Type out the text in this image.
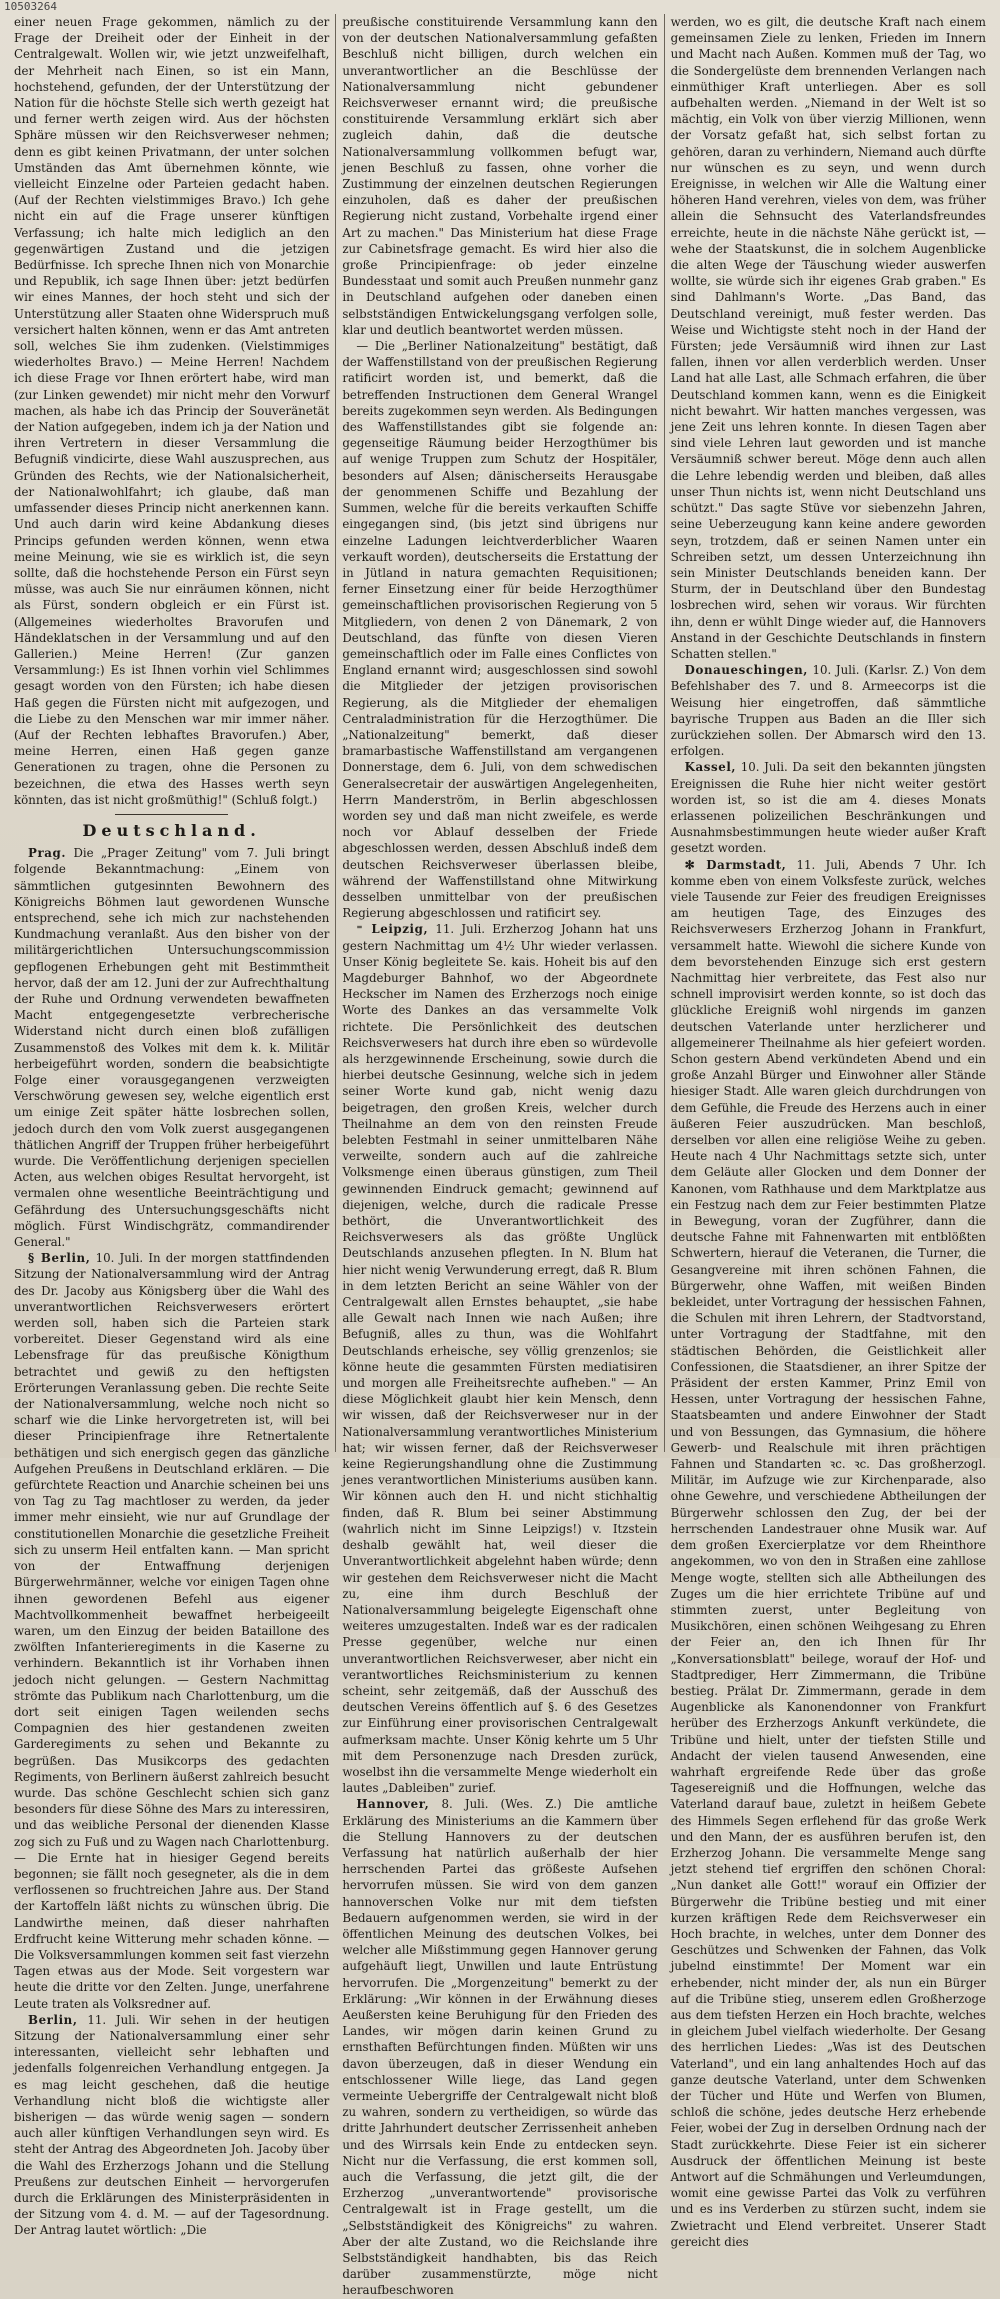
10503264

einer neuen Frage gekommen, nämlich zu der Frage der Dreiheit oder der Einheit in der Centralgewalt. Wollen wir, wie jetzt unzweifelhaft, der Mehrheit nach Einen, so ist ein Mann, hochstehend, gefunden, der der Unterstützung der Nation für die höchste Stelle sich werth gezeigt hat und ferner werth zeigen wird. Aus der höchsten Sphäre müssen wir den Reichsverweser nehmen; denn es gibt keinen Privatmann, der unter solchen Umständen das Amt übernehmen könnte, wie vielleicht Einzelne oder Parteien gedacht haben. (Auf der Rechten vielstimmiges Bravo.) Ich gehe nicht ein auf die Frage unserer künftigen Verfassung; ich halte mich lediglich an den gegenwärtigen Zustand und die jetzigen Bedürfnisse. Ich spreche Ihnen nich von Monarchie und Republik, ich sage Ihnen über: jetzt bedürfen wir eines Mannes, der hoch steht und sich der Unterstützung aller Staaten ohne Widerspruch muß versichert halten können, wenn er das Amt antreten soll, welches Sie ihm zudenken. (Vielstimmiges wiederholtes Bravo.) — Meine Herren! Nachdem ich diese Frage vor Ihnen erörtert habe, wird man (zur Linken gewendet) mir nicht mehr den Vorwurf machen, als habe ich das Princip der Souveränetät der Nation aufgegeben, indem ich ja der Nation und ihren Vertretern in dieser Versammlung die Befugniß vindicirte, diese Wahl auszusprechen, aus Gründen des Rechts, wie der Nationalsicherheit, der Nationalwohlfahrt; ich glaube, daß man umfassender dieses Princip nicht anerkennen kann. Und auch darin wird keine Abdankung dieses Princips gefunden werden können, wenn etwa meine Meinung, wie sie es wirklich ist, die seyn sollte, daß die hochstehende Person ein Fürst seyn müsse, was auch Sie nur einräumen können, nicht als Fürst, sondern obgleich er ein Fürst ist. (Allgemeines wiederholtes Bravorufen und Händeklatschen in der Versammlung und auf den Gallerien.) Meine Herren! (Zur ganzen Versammlung:) Es ist Ihnen vorhin viel Schlimmes gesagt worden von den Fürsten; ich habe diesen Haß gegen die Fürsten nicht mit aufgezogen, und die Liebe zu den Menschen war mir immer näher. (Auf der Rechten lebhaftes Bravorufen.) Aber, meine Herren, einen Haß gegen ganze Generationen zu tragen, ohne die Personen zu bezeichnen, die etwa des Hasses werth seyn könnten, das ist nicht großmüthig!" (Schluß folgt.)

Deutschland.

Prag. Die „Prager Zeitung" vom 7. Juli bringt folgende Bekanntmachung: „Einem von sämmtlichen gutgesinnten Bewohnern des Königreichs Böhmen laut gewordenen Wunsche entsprechend, sehe ich mich zur nachstehenden Kundmachung veranlaßt. Aus den bisher von der militärgerichtlichen Untersuchungscommission gepflogenen Erhebungen geht mit Bestimmtheit hervor, daß der am 12. Juni der zur Aufrechthaltung der Ruhe und Ordnung verwendeten bewaffneten Macht entgegengesetzte verbrecherische Widerstand nicht durch einen bloß zufälligen Zusammenstoß des Volkes mit dem k. k. Militär herbeigeführt worden, sondern die beabsichtigte Folge einer vorausgegangenen verzweigten Verschwörung gewesen sey, welche eigentlich erst um einige Zeit später hätte losbrechen sollen, jedoch durch den vom Volk zuerst ausgegangenen thätlichen Angriff der Truppen früher herbeigeführt wurde. Die Veröffentlichung derjenigen speciellen Acten, aus welchen obiges Resultat hervorgeht, ist vermalen ohne wesentliche Beeinträchtigung und Gefährdung des Untersuchungsgeschäfts nicht möglich. Fürst Windischgrätz, commandirender General."

§ Berlin, 10. Juli. In der morgen stattfindenden Sitzung der Nationalversammlung wird der Antrag des Dr. Jacoby aus Königsberg über die Wahl des unverantwortlichen Reichsverwesers erörtert werden soll, haben sich die Parteien stark vorbereitet. Dieser Gegenstand wird als eine Lebensfrage für das preußische Königthum betrachtet und gewiß zu den heftigsten Erörterungen Veranlassung geben. Die rechte Seite der Nationalversammlung, welche noch nicht so scharf wie die Linke hervorgetreten ist, will bei dieser Principienfrage ihre Retnertalente bethätigen und sich energisch gegen das gänzliche Aufgehen Preußens in Deutschland erklären. — Die gefürchtete Reaction und Anarchie scheinen bei uns von Tag zu Tag machtloser zu werden, da jeder immer mehr einsieht, wie nur auf Grundlage der constitutionellen Monarchie die gesetzliche Freiheit sich zu unserm Heil entfalten kann. — Man spricht von der Entwaffnung derjenigen Bürgerwehrmänner, welche vor einigen Tagen ohne ihnen gewordenen Befehl aus eigener Machtvollkommenheit bewaffnet herbeigeeilt waren, um den Einzug der beiden Bataillone des zwölften Infanterieregiments in die Kaserne zu verhindern. Bekanntlich ist ihr Vorhaben ihnen jedoch nicht gelungen. — Gestern Nachmittag strömte das Publikum nach Charlottenburg, um die dort seit einigen Tagen weilenden sechs Compagnien des hier gestandenen zweiten Garderegiments zu sehen und Bekannte zu begrüßen. Das Musikcorps des gedachten Regiments, von Berlinern äußerst zahlreich besucht wurde. Das schöne Geschlecht schien sich ganz besonders für diese Söhne des Mars zu interessiren, und das weibliche Personal der dienenden Klasse zog sich zu Fuß und zu Wagen nach Charlottenburg. — Die Ernte hat in hiesiger Gegend bereits begonnen; sie fällt noch gesegneter, als die in dem verflossenen so fruchtreichen Jahre aus. Der Stand der Kartoffeln läßt nichts zu wünschen übrig. Die Landwirthe meinen, daß dieser nahrhaften Erdfrucht keine Witterung mehr schaden könne. — Die Volksversammlungen kommen seit fast vierzehn Tagen etwas aus der Mode. Seit vorgestern war heute die dritte vor den Zelten. Junge, unerfahrene Leute traten als Volksredner auf.

Berlin, 11. Juli. Wir sehen in der heutigen Sitzung der Nationalversammlung einer sehr interessanten, vielleicht sehr lebhaften und jedenfalls folgenreichen Verhandlung entgegen. Ja es mag leicht geschehen, daß die heutige Verhandlung nicht bloß die wichtigste aller bisherigen — das würde wenig sagen — sondern auch aller künftigen Verhandlungen seyn wird. Es steht der Antrag des Abgeordneten Joh. Jacoby über die Wahl des Erzherzogs Johann und die Stellung Preußens zur deutschen Einheit — hervorgerufen durch die Erklärungen des Ministerpräsidenten in der Sitzung vom 4. d. M. — auf der Tagesordnung. Der Antrag lautet wörtlich: „Die

preußische constituirende Versammlung kann den von der deutschen Nationalversammlung gefaßten Beschluß nicht billigen, durch welchen ein unverantwortlicher an die Beschlüsse der Nationalversammlung nicht gebundener Reichsverweser ernannt wird; die preußische constituirende Versammlung erklärt sich aber zugleich dahin, daß die deutsche Nationalversammlung vollkommen befugt war, jenen Beschluß zu fassen, ohne vorher die Zustimmung der einzelnen deutschen Regierungen einzuholen, daß es daher der preußischen Regierung nicht zustand, Vorbehalte irgend einer Art zu machen." Das Ministerium hat diese Frage zur Cabinetsfrage gemacht. Es wird hier also die große Principienfrage: ob jeder einzelne Bundesstaat und somit auch Preußen nunmehr ganz in Deutschland aufgehen oder daneben einen selbstständigen Entwickelungsgang verfolgen solle, klar und deutlich beantwortet werden müssen.

— Die „Berliner Nationalzeitung" bestätigt, daß der Waffenstillstand von der preußischen Regierung ratificirt worden ist, und bemerkt, daß die betreffenden Instructionen dem General Wrangel bereits zugekommen seyn werden. Als Bedingungen des Waffenstillstandes gibt sie folgende an: gegenseitige Räumung beider Herzogthümer bis auf wenige Truppen zum Schutz der Hospitäler, besonders auf Alsen; dänischerseits Herausgabe der genommenen Schiffe und Bezahlung der Summen, welche für die bereits verkauften Schiffe eingegangen sind, (bis jetzt sind übrigens nur einzelne Ladungen leichtverderblicher Waaren verkauft worden), deutscherseits die Erstattung der in Jütland in natura gemachten Requisitionen; ferner Einsetzung einer für beide Herzogthümer gemeinschaftlichen provisorischen Regierung von 5 Mitgliedern, von denen 2 von Dänemark, 2 von Deutschland, das fünfte von diesen Vieren gemeinschaftlich oder im Falle eines Conflictes von England ernannt wird; ausgeschlossen sind sowohl die Mitglieder der jetzigen provisorischen Regierung, als die Mitglieder der ehemaligen Centraladministration für die Herzogthümer. Die „Nationalzeitung" bemerkt, daß dieser bramarbastische Waffenstillstand am vergangenen Donnerstage, dem 6. Juli, von dem schwedischen Generalsecretair der auswärtigen Angelegenheiten, Herrn Manderström, in Berlin abgeschlossen worden sey und daß man nicht zweifele, es werde noch vor Ablauf desselben der Friede abgeschlossen werden, dessen Abschluß indeß dem deutschen Reichsverweser überlassen bleibe, während der Waffenstillstand ohne Mitwirkung desselben unmittelbar von der preußischen Regierung abgeschlossen und ratificirt sey.

⁼ Leipzig, 11. Juli. Erzherzog Johann hat uns gestern Nachmittag um 4½ Uhr wieder verlassen. Unser König begleitete Se. kais. Hoheit bis auf den Magdeburger Bahnhof, wo der Abgeordnete Heckscher im Namen des Erzherzogs noch einige Worte des Dankes an das versammelte Volk richtete. Die Persönlichkeit des deutschen Reichsverwesers hat durch ihre eben so würdevolle als herzgewinnende Erscheinung, sowie durch die hierbei deutsche Gesinnung, welche sich in jedem seiner Worte kund gab, nicht wenig dazu beigetragen, den großen Kreis, welcher durch Theilnahme an dem von den reinsten Freude belebten Festmahl in seiner unmittelbaren Nähe verweilte, sondern auch auf die zahlreiche Volksmenge einen überaus günstigen, zum Theil gewinnenden Eindruck gemacht; gewinnend auf diejenigen, welche, durch die radicale Presse bethört, die Unverantwortlichkeit des Reichsverwesers als das größte Unglück Deutschlands anzusehen pflegten. In N. Blum hat hier nicht wenig Verwunderung erregt, daß R. Blum in dem letzten Bericht an seine Wähler von der Centralgewalt allen Ernstes behauptet, „sie habe alle Gewalt nach Innen wie nach Außen; ihre Befugniß, alles zu thun, was die Wohlfahrt Deutschlands erheische, sey völlig grenzenlos; sie könne heute die gesammten Fürsten mediatisiren und morgen alle Freiheitsrechte aufheben." — An diese Möglichkeit glaubt hier kein Mensch, denn wir wissen, daß der Reichsverweser nur in der Nationalversammlung verantwortliches Ministerium hat; wir wissen ferner, daß der Reichsverweser keine Regierungshandlung ohne die Zustimmung jenes verantwortlichen Ministeriums ausüben kann. Wir können auch den H. und nicht stichhaltig finden, daß R. Blum bei seiner Abstimmung (wahrlich nicht im Sinne Leipzigs!) v. Itzstein deshalb gewählt hat, weil dieser die Unverantwortlichkeit abgelehnt haben würde; denn wir gestehen dem Reichsverweser nicht die Macht zu, eine ihm durch Beschluß der Nationalversammlung beigelegte Eigenschaft ohne weiteres umzugestalten. Indeß war es der radicalen Presse gegenüber, welche nur einen unverantwortlichen Reichsverweser, aber nicht ein verantwortliches Reichsministerium zu kennen scheint, sehr zeitgemäß, daß der Ausschuß des deutschen Vereins öffentlich auf §. 6 des Gesetzes zur Einführung einer provisorischen Centralgewalt aufmerksam machte. Unser König kehrte um 5 Uhr mit dem Personenzuge nach Dresden zurück, woselbst ihn die versammelte Menge wiederholt ein lautes „Dableiben" zurief.

Hannover, 8. Juli. (Wes. Z.) Die amtliche Erklärung des Ministeriums an die Kammern über die Stellung Hannovers zu der deutschen Verfassung hat natürlich außerhalb der hier herrschenden Partei das größeste Aufsehen hervorrufen müssen. Sie wird von dem ganzen hannoverschen Volke nur mit dem tiefsten Bedauern aufgenommen werden, sie wird in der öffentlichen Meinung des deutschen Volkes, bei welcher alle Mißstimmung gegen Hannover gerung aufgehäuft liegt, Unwillen und laute Entrüstung hervorrufen. Die „Morgenzeitung" bemerkt zu der Erklärung: „Wir können in der Erwähnung dieses Aeußersten keine Beruhigung für den Frieden des Landes, wir mögen darin keinen Grund zu ernsthaften Befürchtungen finden. Müßten wir uns davon überzeugen, daß in dieser Wendung ein entschlossener Wille liege, das Land gegen vermeinte Uebergriffe der Centralgewalt nicht bloß zu wahren, sondern zu vertheidigen, so würde das dritte Jahrhundert deutscher Zerrissenheit anheben und des Wirrsals kein Ende zu entdecken seyn. Nicht nur die Verfassung, die erst kommen soll, auch die Verfassung, die jetzt gilt, die der Erzherzog „unverantwortende" provisorische Centralgewalt ist in Frage gestellt, um die „Selbstständigkeit des Königreichs" zu wahren. Aber der alte Zustand, wo die Reichslande ihre Selbstständigkeit handhabten, bis das Reich darüber zusammenstürzte, möge nicht heraufbeschworen

werden, wo es gilt, die deutsche Kraft nach einem gemeinsamen Ziele zu lenken, Frieden im Innern und Macht nach Außen. Kommen muß der Tag, wo die Sondergelüste dem brennenden Verlangen nach einmüthiger Kraft unterliegen. Aber es soll aufbehalten werden. „Niemand in der Welt ist so mächtig, ein Volk von über vierzig Millionen, wenn der Vorsatz gefaßt hat, sich selbst fortan zu gehören, daran zu verhindern, Niemand auch dürfte nur wünschen es zu seyn, und wenn durch Ereignisse, in welchen wir Alle die Waltung einer höheren Hand verehren, vieles von dem, was früher allein die Sehnsucht des Vaterlandsfreundes erreichte, heute in die nächste Nähe gerückt ist, — wehe der Staatskunst, die in solchem Augenblicke die alten Wege der Täuschung wieder auswerfen wollte, sie würde sich ihr eigenes Grab graben." Es sind Dahlmann's Worte. „Das Band, das Deutschland vereinigt, muß fester werden. Das Weise und Wichtigste steht noch in der Hand der Fürsten; jede Versäumniß wird ihnen zur Last fallen, ihnen vor allen verderblich werden. Unser Land hat alle Last, alle Schmach erfahren, die über Deutschland kommen kann, wenn es die Einigkeit nicht bewahrt. Wir hatten manches vergessen, was jene Zeit uns lehren konnte. In diesen Tagen aber sind viele Lehren laut geworden und ist manche Versäumniß schwer bereut. Möge denn auch allen die Lehre lebendig werden und bleiben, daß alles unser Thun nichts ist, wenn nicht Deutschland uns schützt." Das sagte Stüve vor siebenzehn Jahren, seine Ueberzeugung kann keine andere geworden seyn, trotzdem, daß er seinen Namen unter ein Schreiben setzt, um dessen Unterzeichnung ihn sein Minister Deutschlands beneiden kann. Der Sturm, der in Deutschland über den Bundestag losbrechen wird, sehen wir voraus. Wir fürchten ihn, denn er wühlt Dinge wieder auf, die Hannovers Anstand in der Geschichte Deutschlands in finstern Schatten stellen."

Donaueschingen, 10. Juli. (Karlsr. Z.) Von dem Befehlshaber des 7. und 8. Armeecorps ist die Weisung hier eingetroffen, daß sämmtliche bayrische Truppen aus Baden an die Iller sich zurückziehen sollen. Der Abmarsch wird den 13. erfolgen.

Kassel, 10. Juli. Da seit den bekannten jüngsten Ereignissen die Ruhe hier nicht weiter gestört worden ist, so ist die am 4. dieses Monats erlassenen polizeilichen Beschränkungen und Ausnahmsbestimmungen heute wieder außer Kraft gesetzt worden.

✻ Darmstadt, 11. Juli, Abends 7 Uhr. Ich komme eben von einem Volksfeste zurück, welches viele Tausende zur Feier des freudigen Ereignisses am heutigen Tage, des Einzuges des Reichsverwesers Erzherzog Johann in Frankfurt, versammelt hatte. Wiewohl die sichere Kunde von dem bevorstehenden Einzuge sich erst gestern Nachmittag hier verbreitete, das Fest also nur schnell improvisirt werden konnte, so ist doch das glückliche Ereigniß wohl nirgends im ganzen deutschen Vaterlande unter herzlicherer und allgemeinerer Theilnahme als hier gefeiert worden. Schon gestern Abend verkündeten Abend und ein große Anzahl Bürger und Einwohner aller Stände hiesiger Stadt. Alle waren gleich durchdrungen von dem Gefühle, die Freude des Herzens auch in einer äußeren Feier auszudrücken. Man beschloß, derselben vor allen eine religiöse Weihe zu geben. Heute nach 4 Uhr Nachmittags setzte sich, unter dem Geläute aller Glocken und dem Donner der Kanonen, vom Rathhause und dem Marktplatze aus ein Festzug nach dem zur Feier bestimmten Platze in Bewegung, voran der Zugführer, dann die deutsche Fahne mit Fahnenwarten mit entblößten Schwertern, hierauf die Veteranen, die Turner, die Gesangvereine mit ihren schönen Fahnen, die Bürgerwehr, ohne Waffen, mit weißen Binden bekleidet, unter Vortragung der hessischen Fahnen, die Schulen mit ihren Lehrern, der Stadtvorstand, unter Vortragung der Stadtfahne, mit den städtischen Behörden, die Geistlichkeit aller Confessionen, die Staatsdiener, an ihrer Spitze der Präsident der ersten Kammer, Prinz Emil von Hessen, unter Vortragung der hessischen Fahne, Staatsbeamten und andere Einwohner der Stadt und von Bessungen, das Gymnasium, die höhere Gewerb- und Realschule mit ihren prächtigen Fahnen und Standarten ꝛc. ꝛc. Das großherzogl. Militär, im Aufzuge wie zur Kirchenparade, also ohne Gewehre, und verschiedene Abtheilungen der Bürgerwehr schlossen den Zug, der bei der herrschenden Landestrauer ohne Musik war. Auf dem großen Exercierplatze vor dem Rheinthore angekommen, wo von den in Straßen eine zahllose Menge wogte, stellten sich alle Abtheilungen des Zuges um die hier errichtete Tribüne auf und stimmten zuerst, unter Begleitung von Musikchören, einen schönen Weihgesang zu Ehren der Feier an, den ich Ihnen für Ihr „Konversationsblatt" beilege, worauf der Hof- und Stadtprediger, Herr Zimmermann, die Tribüne bestieg. Prälat Dr. Zimmermann, gerade in dem Augenblicke als Kanonendonner von Frankfurt herüber des Erzherzogs Ankunft verkündete, die Tribüne und hielt, unter der tiefsten Stille und Andacht der vielen tausend Anwesenden, eine wahrhaft ergreifende Rede über das große Tagesereigniß und die Hoffnungen, welche das Vaterland darauf baue, zuletzt in heißem Gebete des Himmels Segen erflehend für das große Werk und den Mann, der es ausführen berufen ist, den Erzherzog Johann. Die versammelte Menge sang jetzt stehend tief ergriffen den schönen Choral: „Nun danket alle Gott!" worauf ein Offizier der Bürgerwehr die Tribüne bestieg und mit einer kurzen kräftigen Rede dem Reichsverweser ein Hoch brachte, in welches, unter dem Donner des Geschützes und Schwenken der Fahnen, das Volk jubelnd einstimmte! Der Moment war ein erhebender, nicht minder der, als nun ein Bürger auf die Tribüne stieg, unserem edlen Großherzoge aus dem tiefsten Herzen ein Hoch brachte, welches in gleichem Jubel vielfach wiederholte. Der Gesang des herrlichen Liedes: „Was ist des Deutschen Vaterland", und ein lang anhaltendes Hoch auf das ganze deutsche Vaterland, unter dem Schwenken der Tücher und Hüte und Werfen von Blumen, schloß die schöne, jedes deutsche Herz erhebende Feier, wobei der Zug in derselben Ordnung nach der Stadt zurückkehrte. Diese Feier ist ein sicherer Ausdruck der öffentlichen Meinung ist beste Antwort auf die Schmähungen und Verleumdungen, womit eine gewisse Partei das Volk zu verführen und es ins Verderben zu stürzen sucht, indem sie Zwietracht und Elend verbreitet. Unserer Stadt gereicht dies
